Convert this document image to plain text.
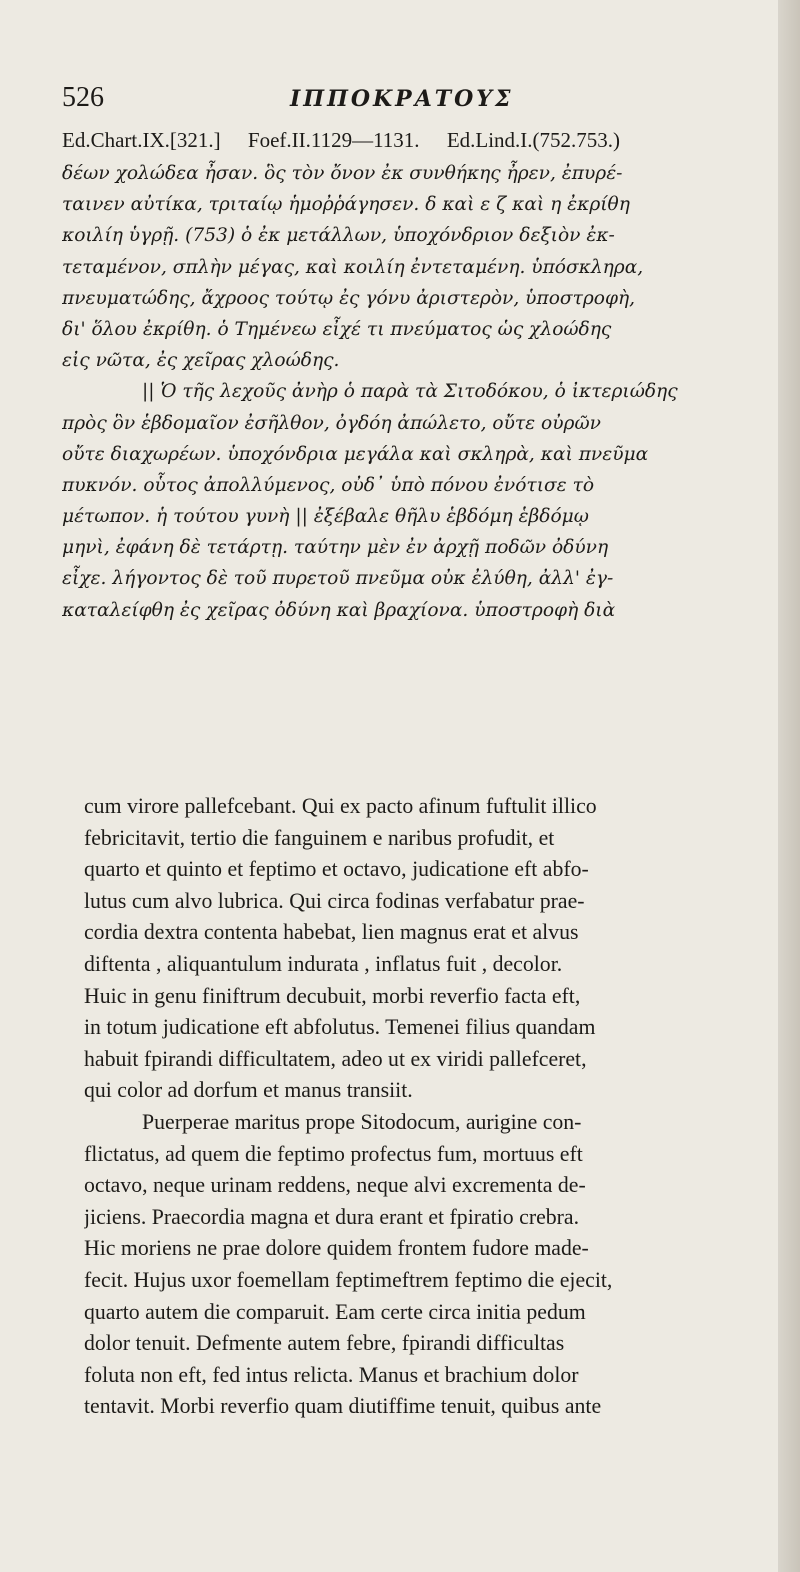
526	ΙΠΠΟΚΡΑΤΟΥΣ
Ed.Chart.IX.[321.] Foef.II.1129—1131. Ed.Lind.I.(752.753.)
δέων χολώδεα ἦσαν. ὃς τὸν ὄνον ἐκ συνθήκης ἦρεν, ἐπυρέ-
ταινεν αὐτίκα, τριταίῳ ἡμοῤῥάγησεν. δ καὶ ε ζ καὶ η ἐκρίθη
κοιλίη ὑγρῇ. (753) ὁ ἐκ μετάλλων, ὑποχόνδριον δεξιὸν ἐκ-
τεταμένον, σπλὴν μέγας, καὶ κοιλίη ἐντεταμένη. ὑπόσκληρα,
πνευματώδης, ἄχροος τούτῳ ἐς γόνυ ἀριστερὸν, ὑποστροφὴ,
δι' ὅλου ἐκρίθη. ὁ Τημένεω εἶχέ τι πνεύματος ὡς χλοώδης
εἰς νῶτα, ἐς χεῖρας χλοώδης.
|| Ὁ τῆς λεχοῦς ἀνὴρ ὁ παρὰ τὰ Σιτοδόκου, ὁ ἰκτεριώδης
πρὸς ὃν ἑβδομαῖον ἐσῆλθον, ὀγδόη ἀπώλετο, οὔτε οὐρῶν
οὔτε διαχωρέων. ὑποχόνδρια μεγάλα καὶ σκληρὰ, καὶ πνεῦμα
πυκνόν. οὗτος ἀπολλύμενος, οὐδ᾽ ὑπὸ πόνου ἐνότισε τὸ
μέτωπον. ἡ τούτου γυνὴ || ἐξέβαλε θῆλυ ἑβδόμη ἑβδόμῳ
μηνὶ, ἐφάνη δὲ τετάρτῃ. ταύτην μὲν ἐν ἀρχῇ ποδῶν ὀδύνη
εἶχε. λήγοντος δὲ τοῦ πυρετοῦ πνεῦμα οὐκ ἐλύθη, ἀλλ' ἐγ-
καταλείφθη ἐς χεῖρας ὀδύνη καὶ βραχίονα. ὑποστροφὴ διὰ
cum virore pallefcebant. Qui ex pacto afinum fuftulit illico
febricitavit, tertio die fanguinem e naribus profudit, et
quarto et quinto et feptimo et octavo, judicatione eft abfo-
lutus cum alvo lubrica. Qui circa fodinas verfabatur prae-
cordia dextra contenta habebat, lien magnus erat et alvus
diftenta , aliquantulum indurata , inflatus fuit , decolor.
Huic in genu finiftrum decubuit, morbi reverfio facta eft,
in totum judicatione eft abfolutus. Temenei filius quandam
habuit fpirandi difficultatem, adeo ut ex viridi pallefceret,
qui color ad dorfum et manus transiit.
Puerperae maritus prope Sitodocum, aurigine con-
flictatus, ad quem die feptimo profectus fum, mortuus eft
octavo, neque urinam reddens, neque alvi excrementa de-
jiciens. Praecordia magna et dura erant et fpiratio crebra.
Hic moriens ne prae dolore quidem frontem fudore made-
fecit. Hujus uxor foemellam feptimeftrem feptimo die ejecit,
quarto autem die comparuit. Eam certe circa initia pedum
dolor tenuit. Defmente autem febre, fpirandi difficultas
foluta non eft, fed intus relicta. Manus et brachium dolor
tentavit. Morbi reverfio quam diutiffime tenuit, quibus ante
